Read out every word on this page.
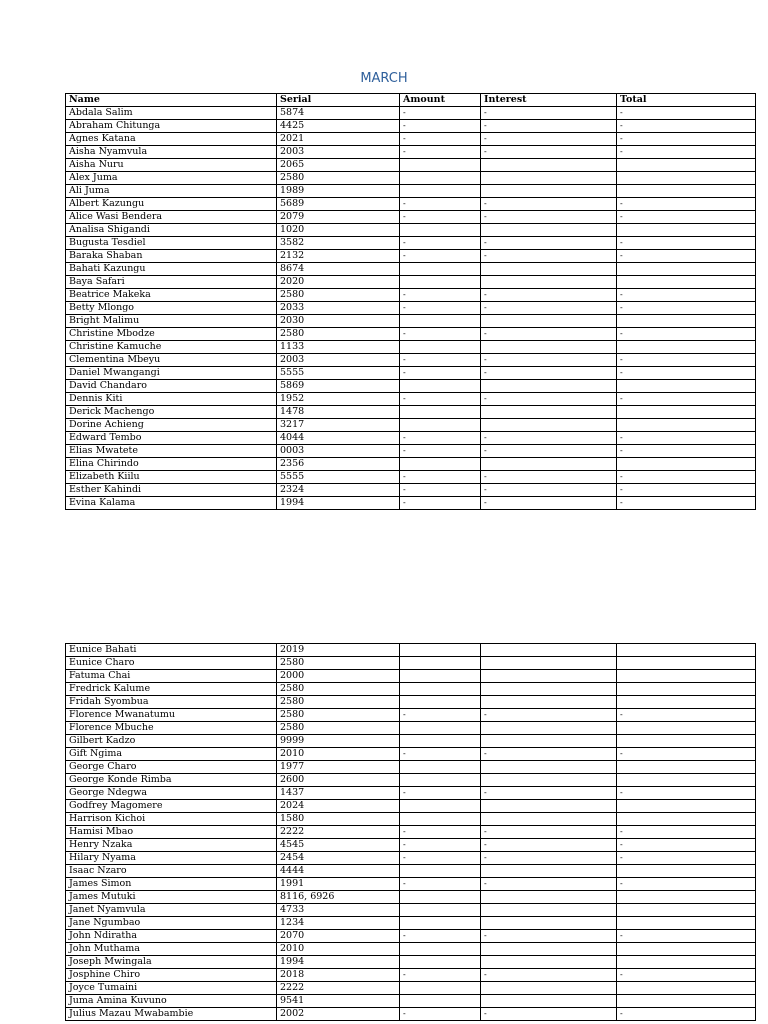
MARCH
Name	Serial	Amount	Interest	Total
Abdala Salim	5874	-	-	-
Abraham Chitunga	4425	-	-	-
Agnes Katana	2021	-	-	-
Aisha Nyamvula	2003	-	-	-
Aisha Nuru	2065			
Alex Juma	2580			
Ali Juma	1989			
Albert Kazungu	5689	-	-	-
Alice Wasi Bendera	2079	-	-	-
Analisa Shigandi	1020			
Bugusta Tesdiel	3582	-	-	-
Baraka Shaban	2132	-	-	-
Bahati Kazungu	8674			
Baya Safari	2020			
Beatrice Makeka	2580	-	-	-
Betty Mlongo	2033	-	-	-
Bright Malimu	2030			
Christine Mbodze	2580	-	-	-
Christine Kamuche	1133			
Clementina Mbeyu	2003	-	-	-
Daniel Mwangangi	5555	-	-	-
David Chandaro	5869			
Dennis Kiti	1952	-	-	-
Derick Machengo	1478			
Dorine Achieng	3217			
Edward Tembo	4044	-	-	-
Elias Mwatete	0003	-	-	-
Elina Chirindo	2356			
Elizabeth Kiilu	5555	-	-	-
Esther Kahindi	2324	-	-	-
Evina Kalama	1994	-	-	-
Eunice Bahati	2019			
Eunice Charo	2580			
Fatuma Chai	2000			
Fredrick Kalume	2580			
Fridah Syombua	2580			
Florence Mwanatumu	2580	-	-	-
Florence Mbuche	2580			
Gilbert Kadzo	9999			
Gift Ngima	2010	-	-	-
George Charo	1977			
George Konde Rimba	2600			
George Ndegwa	1437	-	-	-
Godfrey Magomere	2024			
Harrison Kichoi	1580			
Hamisi Mbao	2222	-	-	-
Henry Nzaka	4545	-	-	-
Hilary Nyama	2454	-	-	-
Isaac Nzaro	4444			
James Simon	1991	-	-	-
James Mutuki	8116, 6926			
Janet Nyamvula	4733			
Jane Ngumbao	1234			
John Ndiratha	2070	-	-	-
John Muthama	2010			
Joseph Mwingala	1994			
Josphine Chiro	2018	-	-	-
Joyce Tumaini	2222			
Juma Amina Kuvuno	9541			
Julius Mazau Mwabambie	2002	-	-	-
